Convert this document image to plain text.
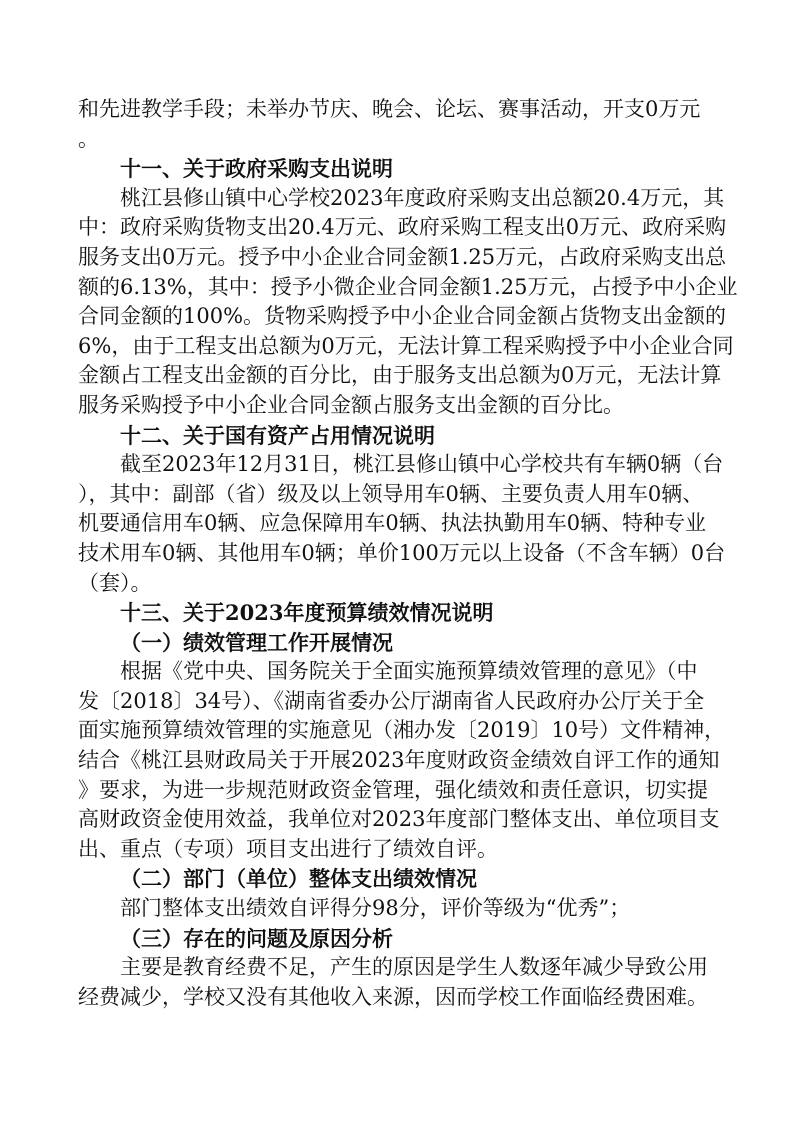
和先进教学手段；未举办节庆、晚会、论坛、赛事活动，开支0万元

。

十一、关于政府采购支出说明

桃江县修山镇中心学校2023年度政府采购支出总额20.4万元，其

中：政府采购货物支出20.4万元、政府采购工程支出0万元、政府采购

服务支出0万元。授予中小企业合同金额1.25万元，占政府采购支出总

额的6.13%，其中：授予小微企业合同金额1.25万元，占授予中小企业

合同金额的100%。货物采购授予中小企业合同金额占货物支出金额的

6%，由于工程支出总额为0万元，无法计算工程采购授予中小企业合同

金额占工程支出金额的百分比，由于服务支出总额为0万元，无法计算

服务采购授予中小企业合同金额占服务支出金额的百分比。

十二、关于国有资产占用情况说明

截至2023年12月31日，桃江县修山镇中心学校共有车辆0辆（台

），其中：副部（省）级及以上领导用车0辆、主要负责人用车0辆、

机要通信用车0辆、应急保障用车0辆、执法执勤用车0辆、特种专业

技术用车0辆、其他用车0辆；单价100万元以上设备（不含车辆）0台

（套）。

十三、关于2023年度预算绩效情况说明

（一）绩效管理工作开展情况

根据《党中央、国务院关于全面实施预算绩效管理的意见》（中

发〔2018〕34号）、《湖南省委办公厅湖南省人民政府办公厅关于全

面实施预算绩效管理的实施意见（湘办发〔2019〕10号）文件精神，

结合《桃江县财政局关于开展2023年度财政资金绩效自评工作的通知

》要求，为进一步规范财政资金管理，强化绩效和责任意识，切实提

高财政资金使用效益，我单位对2023年度部门整体支出、单位项目支

出、重点（专项）项目支出进行了绩效自评。

（二）部门（单位）整体支出绩效情况

部门整体支出绩效自评得分98分，评价等级为“优秀”；

（三）存在的问题及原因分析

主要是教育经费不足，产生的原因是学生人数逐年减少导致公用

经费减少，学校又没有其他收入来源，因而学校工作面临经费困难。
